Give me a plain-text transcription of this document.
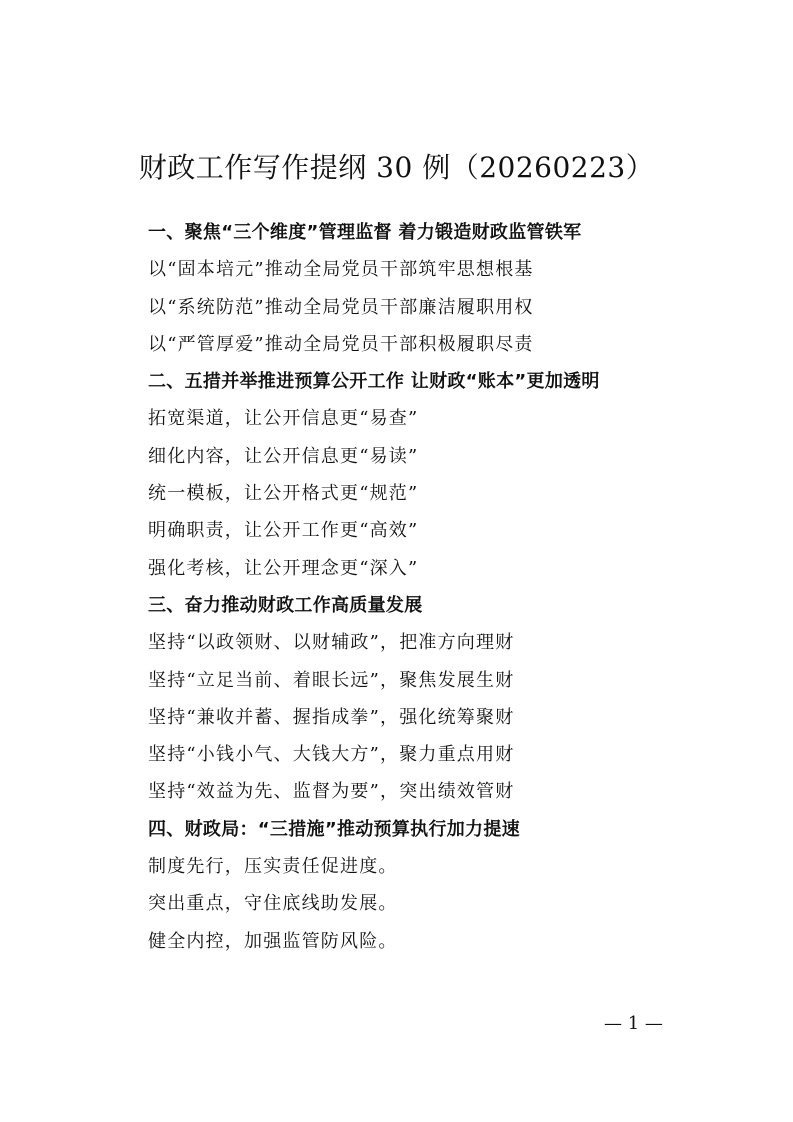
财政工作写作提纲 30 例（20260223）
一、聚焦“三个维度”管理监督 着力锻造财政监管铁军
以“固本培元”推动全局党员干部筑牢思想根基
以“系统防范”推动全局党员干部廉洁履职用权
以“严管厚爱”推动全局党员干部积极履职尽责
二、五措并举推进预算公开工作 让财政“账本”更加透明
拓宽渠道，让公开信息更“易查”
细化内容，让公开信息更“易读”
统一模板，让公开格式更“规范”
明确职责，让公开工作更“高效”
强化考核，让公开理念更“深入”
三、奋力推动财政工作高质量发展
坚持“以政领财、以财辅政”，把准方向理财
坚持“立足当前、着眼长远”，聚焦发展生财
坚持“兼收并蓄、握指成拳”，强化统筹聚财
坚持“小钱小气、大钱大方”，聚力重点用财
坚持“效益为先、监督为要”，突出绩效管财
四、财政局：“三措施”推动预算执行加力提速
制度先行，压实责任促进度。
突出重点，守住底线助发展。
健全内控，加强监管防风险。
— 1 —
